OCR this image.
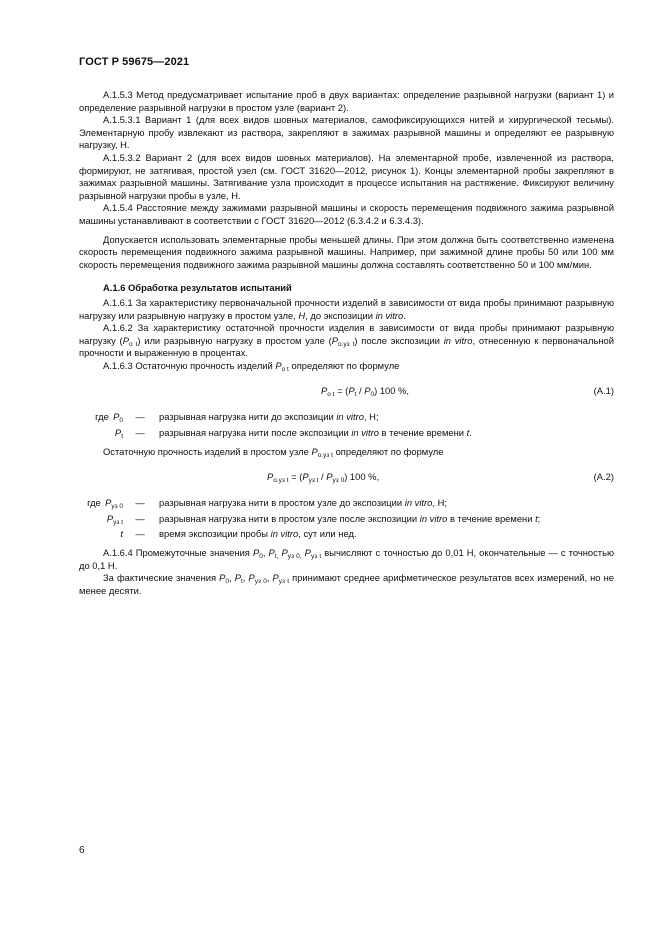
ГОСТ Р 59675—2021

А.1.5.3 Метод предусматривает испытание проб в двух вариантах: определение разрывной нагрузки (вариант 1) и определение разрывной нагрузки в простом узле (вариант 2).

А.1.5.3.1 Вариант 1 (для всех видов шовных материалов, самофиксирующихся нитей и хирургической тесьмы). Элементарную пробу извлекают из раствора, закрепляют в зажимах разрывной машины и определяют ее разрывную нагрузку, Н.

А.1.5.3.2 Вариант 2 (для всех видов шовных материалов). На элементарной пробе, извлеченной из раствора, формируют, не затягивая, простой узел (см. ГОСТ 31620—2012, рисунок 1). Концы элементарной пробы закрепляют в зажимах разрывной машины. Затягивание узла происходит в процессе испытания на растяжение. Фиксируют величину разрывной нагрузки пробы в узле, Н.

А.1.5.4 Расстояние между зажимами разрывной машины и скорость перемещения подвижного зажима разрывной машины устанавливают в соответствии с ГОСТ 31620—2012 (6.3.4.2 и 6.3.4.3).

Допускается использовать элементарные пробы меньшей длины. При этом должна быть соответственно изменена скорость перемещения подвижного зажима разрывной машины. Например, при зажимной длине пробы 50 или 100 мм скорость перемещения подвижного зажима разрывной машины должна составлять соответственно 50 и 100 мм/мин.

А.1.6 Обработка результатов испытаний

А.1.6.1 За характеристику первоначальной прочности изделий в зависимости от вида пробы принимают разрывную нагрузку или разрывную нагрузку в простом узле, H, до экспозиции in vitro.

А.1.6.2 За характеристику остаточной прочности изделия в зависимости от вида пробы принимают разрывную нагрузку $(P_{о t})$ или разрывную нагрузку в простом узле $(P_{о.уз t})$ после экспозиции in vitro, отнесенную к первоначальной прочности и выраженную в процентах.

А.1.6.3 Остаточную прочность изделий $P_{о t}$ определяют по формуле

$P_{о t} = (P_t / P_0)$ 100 %,	(А.1)
где $P_0$	—	разрывная нагрузка нити до экспозиции in vitro, Н;
$P_t$	—	разрывная нагрузка нити после экспозиции in vitro в течение времени t.

Остаточную прочность изделий в простом узле $P_{о.уз t}$ определяют по формуле

$P_{о.уз t} = (P_{уз t} / P_{уз 0})$ 100 %,	(А.2)
где $P_{уз 0}$	—	разрывная нагрузка нити в простом узле до экспозиции in vitro, Н;
$P_{уз t}$	—	разрывная нагрузка нити в простом узле после экспозиции in vitro в течение времени t;
t	—	время экспозиции пробы in vitro, сут или нед.

А.1.6.4 Промежуточные значения $P_0$, $P_{t,}$ $P_{уз 0,}$ $P_{уз t}$ вычисляют с точностью до 0,01 Н, окончательные — с точностью до 0,1 Н.

За фактические значения $P_0$, $P_t$, $P_{уз 0}$, $P_{уз t}$ принимают среднее арифметическое результатов всех измерений, но не менее десяти.

6
